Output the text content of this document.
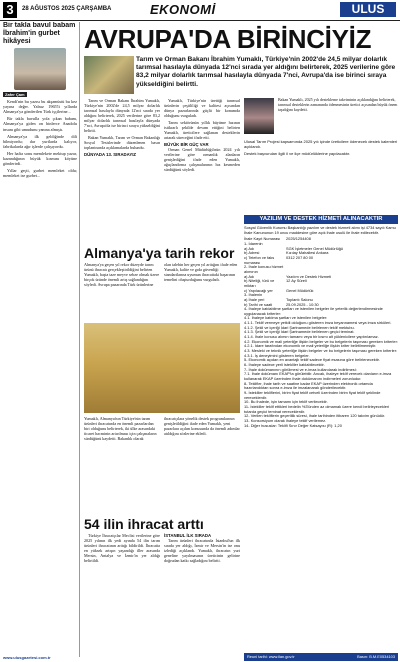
3	28 AĞUSTOS 2025 ÇARŞAMBA	EKONOMİ	ULUS
Bir takla bavul babam İbrahim'in gurbet hikâyesi
Zafer Çam

Kendi'nin bu yazısı bu akşamüstü bu kez yayına değer. Yalnız 1965'li yıllarda Almanya'ya gönderilen Türk işçilerine...

Bir takla bavulla yola çıkan babam, Almanya'ya giden on binlerce Anadolu insanı gibi umudunu yanına almıştı.

Almanya'ya ilk geldiğinde dili bilmiyordu; dar yurtlarda kalıyor, fabrikalarda ağır işlerde çalışıyordu.

Her hafta sonu memlekete mektup yazar, kazandığının büyük kısmını köyüne gönderirdi.

Yıllar geçti, gurbet memleket oldu; memleket ise gurbet...

www.ulusgazetesi.com.tr
AVRUPA'DA BİRİNCİYİZ
Tarım ve Orman Bakanı İbrahim Yumaklı, Türkiye'nin 2002'de 24,5 milyar dolarlık tarımsal hasılayla dünyada 12'nci sırada yer aldığını belirterek, 2025 verilerine göre 83,2 milyar dolarlık tarımsal hasılayla dünyada 7'nci, Avrupa'da ise birinci sıraya yükseldiğini belirtti.

Tarım ve Orman Bakanı İbrahim Yumaklı, Türkiye'nin 2002'de 24,5 milyar dolarlık tarımsal hasılayla dünyada 12'nci sırada yer aldığını belirterek, 2025 verilerine göre 83,2 milyar dolarlık tarımsal hasılayla dünyada 7'nci, Avrupa'da ise birinci sıraya yükseldiğini belirtti.

Bakan Yumaklı, Tarım ve Orman Bakanlığı Sosyal Tesislerinde düzenlenen basın toplantısında açıklamalarda bulundu.

DÜNYADA 13. SIRADAYIZ

Yumaklı, Türkiye'nin ürettiği tarımsal ürünlerin çeşitliliği ve kalitesi açısından dünya pazarlarında güçlü bir konumda olduğunu vurguladı.

Tarım sektörünün yıllık büyüme hızının istikrarlı şekilde devam ettiğini belirten Yumaklı, üreticilere sağlanan desteklerin artarak süreceğini ifade etti.

BÜYÜK BİR GÜÇ VAR

Orman Genel Müdürlüğü'nün 2024 yılı verilerine göre ormanlık alanların genişlediğini ifade eden Yumaklı, ağaçlandırma çalışmalarının hız kesmeden sürdüğünü söyledi.

Bakan Yumaklı, 2025 yılı destekleme takviminin açıklandığını belirterek, tarımsal desteklerin zamanında ödenmesinin üretici açısından büyük önem taşıdığını kaydetti.

Ulusal Tarım Projesi kapsamında 2025 yılı içinde üreticilere ödenecek destek kalemleri açıklandı.

Destek başvuruları ilgili il ve ilçe müdürlüklerine yapılacaktır.

YAZILIM VE DESTEK HİZMETİ ALINACAKTIR

Sosyal Güvenlik Kurumu Başkanlığı yazılım ve destek hizmeti alımı işi 4734 sayılı Kamu İhale Kanununun 19 uncu maddesine göre açık ihale usulü ile ihale edilecektir.

İhale Kayıt Numarası	2025/1254408
1- İdarenin
a) Adı	SGK İşletmeler Genel Müdürlüğü
b) Adresi	Kızılay Mahallesi Ankara
c) Telefon ve faks numarası
0312 207 80 00
2- İhale konusu hizmet alımının
a) Adı	Yazılım ve Destek Hizmeti
b) Niteliği, türü ve miktarı
12 Ay Süreli
c) Yapılacağı yer	Genel Müdürlük
3- İhalenin
a) İhale yeri	Toplantı Salonu
b) Tarihi ve saati	25.09.2025 - 10:30
4- İhaleye katılabilme şartları ve istenilen belgeler ile yeterlik değerlendirmesinde uygulanacak kriterler:
4.1. İhaleye katılma şartları ve istenilen belgeler:
4.1.1. Teklif vermeye yetkili olduğunu gösteren imza beyannamesi veya imza sirküleri.
4.1.2. Şekli ve içeriği İdari Şartnamede belirlenen teklif mektubu.
4.1.3. Şekli ve içeriği İdari Şartnamede belirlenen geçici teminat.
4.1.4. İhale konusu alımın tamamı veya bir kısmı alt yüklenicilere yaptırılamaz.
4.2. Ekonomik ve mali yeterliğe ilişkin belgeler ve bu belgelerin taşıması gereken kriterler:
4.2.1. İdare tarafından ekonomik ve mali yeterliğe ilişkin kriter belirtilmemiştir.
4.3. Mesleki ve teknik yeterliğe ilişkin belgeler ve bu belgelerin taşıması gereken kriterler:
4.3.1. İş deneyimini gösteren belgeler.
5- Ekonomik açıdan en avantajlı teklif sadece fiyat esasına göre belirlenecektir.
6- İhaleye sadece yerli istekliler katılabilecektir.
7- İhale dokümanının görülmesi ve e-imza kullanılarak indirilmesi:
7.1. İhale dokümanı EKAP'ta görülebilir. Ancak, ihaleye teklif verecek olanların e-imza kullanarak EKAP üzerinden ihale dokümanını indirmeleri zorunludur.
8- Teklifler, ihale tarih ve saatine kadar EKAP üzerinden elektronik ortamda hazırlandıktan sonra e-imza ile imzalanarak gönderilecektir.
9- İstekliler tekliflerini, birim fiyat teklif cetveli üzerinden birim fiyat teklif şeklinde vereceklerdir.
10- Bu ihalede, işin tamamı için teklif verilecektir.
11- İstekliler teklif ettikleri bedelin %3'ünden az olmamak üzere kendi belirleyecekleri tutarda geçici teminat vereceklerdir.
12- Verilen tekliflerin geçerlilik süresi, ihale tarihinden itibaren 120 takvim günüdür.
13- Konsorsiyum olarak ihaleye teklif verilemez.
14- Diğer hususlar: Teklifi Sınır Değer Katsayısı (R): 1,20
Almanya'ya tarih rekor
Almanya'ya geçen yıl rekor düzeyde tarım ürünü ihracatı gerçekleştirildiğini belirten Yumaklı, başta taze meyve sebze olmak üzere birçok üründe önemli artış sağlandığını söyledi. Avrupa pazarında Türk ürünlerine olan talebin her geçen yıl arttığını ifade eden Yumaklı, kalite ve gıda güvenliği standartlarına uyumun ihracattaki başarının temelini oluşturduğunu vurguladı.
Yumaklı, Almanya'nın Türkiye'nin tarım ürünleri ihracatında en önemli pazarlardan biri olduğunu belirterek, iki ülke arasındaki ticaret hacminin artırılması için çalışmaların sürdüğünü kaydetti. Bakanlık olarak ihracatçılara yönelik destek programlarının genişletildiğini ifade eden Yumaklı, yeni pazarlara açılım konusunda da önemli adımlar atıldığını sözlerine ekledi.
54 ilin ihracat arttı

Türkiye İhracatçılar Meclisi verilerine göre 2025 yılının ilk yedi ayında 54 ilin tarım ürünleri ihracatının arttığı bildirildi. İhracatta en yüksek artışın yaşandığı iller arasında Mersin, Antalya ve İzmir'in yer aldığı belirtildi.

İSTANBUL İLK SIRADA

Tarım ürünleri ihracatında İstanbul'un ilk sırada yer aldığı, İzmir ve Mersin'in ise onu izlediği açıklandı. Yumaklı, ihracatın yurt geneline yayılmasının üreticinin gelirine doğrudan katkı sağladığını belirtti.

Reuni tarihi: www.ilan.gov.tr	Basın: B.M.E0534103
